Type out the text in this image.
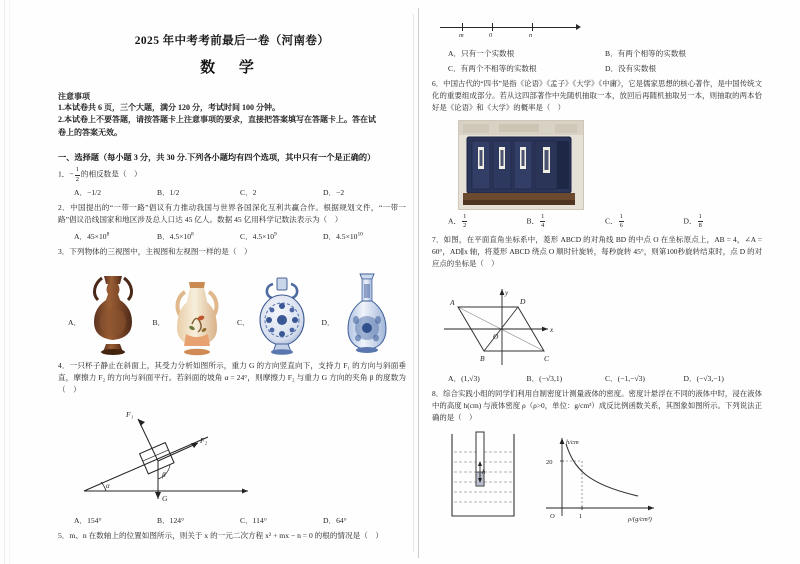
2025 年中考考前最后一卷（河南卷）
数 学
注意事项
1.本试卷共 6 页，三个大题，满分 120 分，考试时间 100 分钟。
2.本试卷上不要答题，请按答题卡上注意事项的要求，直接把答案填写在答题卡上。答在试
卷上的答案无效。
一、选择题（每小题 3 分，共 30 分.下列各小题均有四个选项，其中只有一个是正确的）
1．− $\frac{1}{2}$ 的相反数是（　）
A．−1/2	B．1/2	C．2	D．−2
2．中国提出的“一带一路”倡议有力推动我国与世界各国深化互利共赢合作。根据规划文件，“一带一路”倡议沿线国家和地区涉及总人口达 45 亿人。数据 45 亿用科学记数法表示为（　）
A．$45\times 10^8$	B．$4.5\times 10^8$	C．$4.5\times 10^9$	D．$4.5\times 10^{10}$
3．下列物体的三视图中，主视图和左视图一样的是（　）
A．	B．	C．	D．
4．一只杯子静止在斜面上，其受力分析如图所示，重力 G 的方向竖直向下，支持力 F₁ 的方向与斜面垂直，摩擦力 F₂ 的方向与斜面平行。若斜面的坡角 α = 24°，则摩擦力 F₂ 与重力 G 方向的夹角 β 的度数为（　）
α
F₁
F₂
G
β
A．154°	B．124°	C．114°	D．64°
5．m、n 在数轴上的位置如图所示，则关于 x 的一元二次方程 x² + mx − n = 0 的根的情况是（　）
m	0	n
A．只有一个实数根	B．有两个相等的实数根
C．有两个不相等的实数根	D．没有实数根
6．中国古代的“四书”是指《论语》《孟子》《大学》《中庸》，它是儒家思想的核心著作，是中国传统文化的重要组成部分。若从这四部著作中先随机抽取一本，放回后再随机抽取另一本，则抽取的两本恰好是《论语》和《大学》的概率是（　）
A． $\frac{1}{2}$	B． $\frac{1}{4}$	C． $\frac{1}{6}$	D． $\frac{1}{8}$
7．如图，在平面直角坐标系中，菱形 ABCD 的对角线 BD 的中点 O 在坐标原点上，AB = 4，∠A = 60°，AD∥x 轴，将菱形 ABCD 绕点 O 顺时针旋转，每秒旋转 45°，则第100秒旋转结束时，点 D 的对应点的坐标是（　）
x
y
A
B	C
D
O
A．(1,√3)	B．(−√3,1)	C．(−1,−√3)	D．(−√3,−1)
8．综合实践小组的同学们利用自制密度计测量液体的密度。密度计悬浮在不同的液体中时，浸在液体中的高度 h(cm) 与液体密度 ρ（ρ>0，单位：g/cm³）成反比例函数关系，其图象如图所示。下列说法正确的是（　）
h
h/cm
ρ/(g/cm³)
O
20
1
